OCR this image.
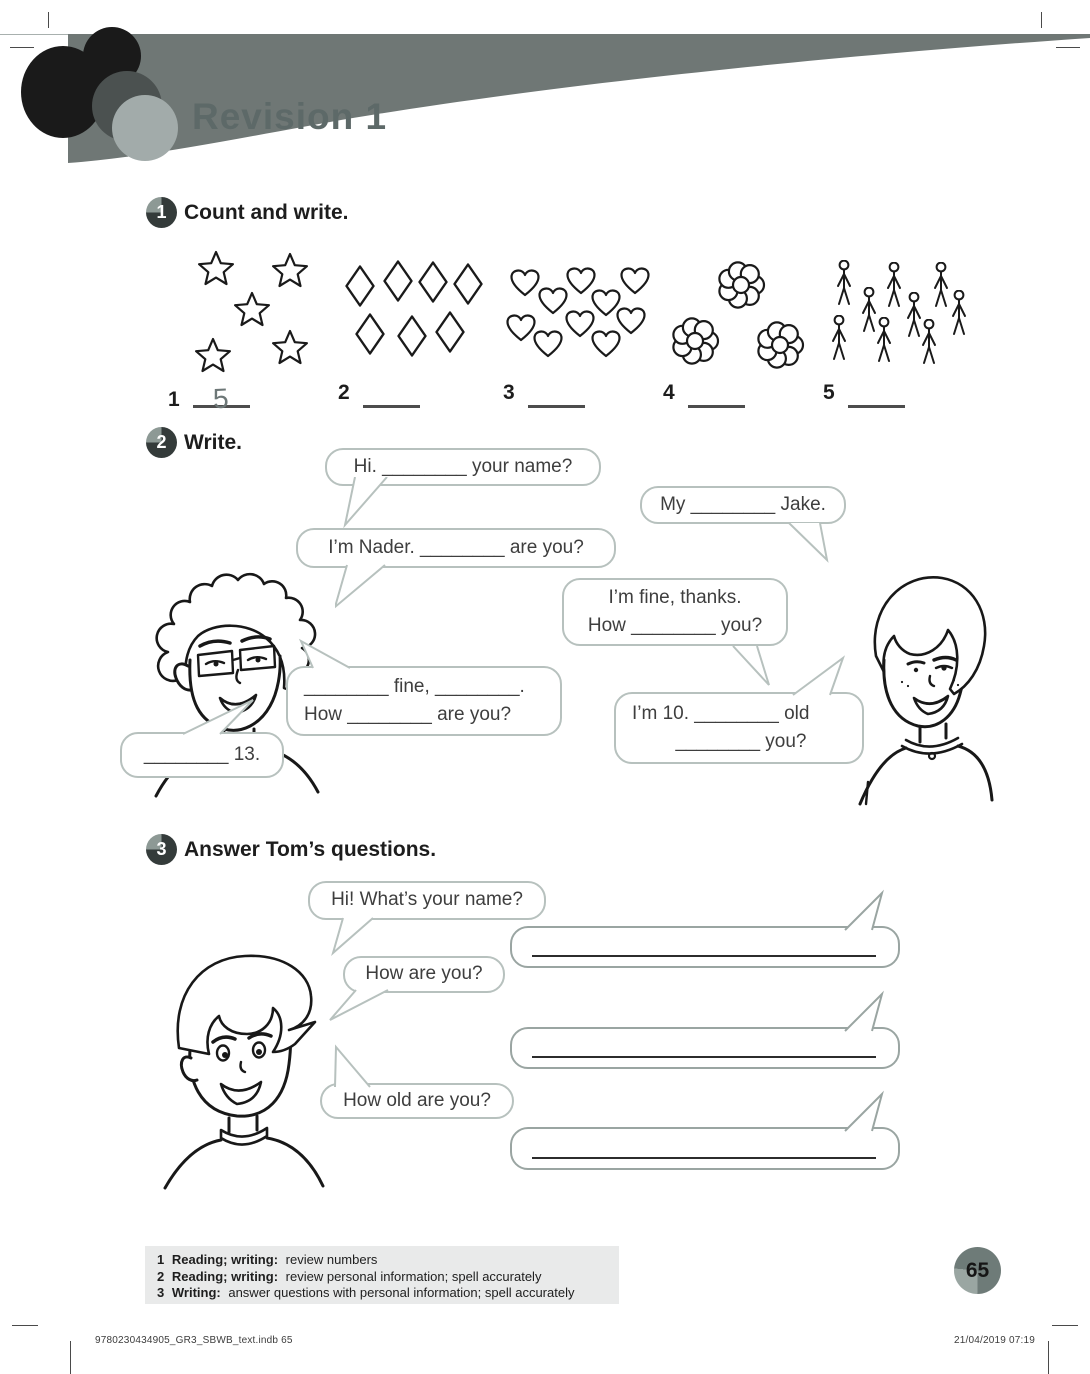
Revision 1
1 Count and write.
1 5	2	3	4	5
2 Write.
Hi. ________ your name?
My ________ Jake.
I’m Nader. ________ are you?
I’m fine, thanks.
How ________ you?
________ fine, ________.
How ________ are you?	I’m 10. ________ old
________ you?
________ 13.
3 Answer Tom’s questions.
Hi! What’s your name?
How are you?
How old are you?
1 Reading; writing: review numbers
2 Reading; writing: review personal information; spell accurately
3 Writing: answer questions with personal information; spell accurately
65
9780230434905_GR3_SBWB_text.indb 65	21/04/2019 07:19
